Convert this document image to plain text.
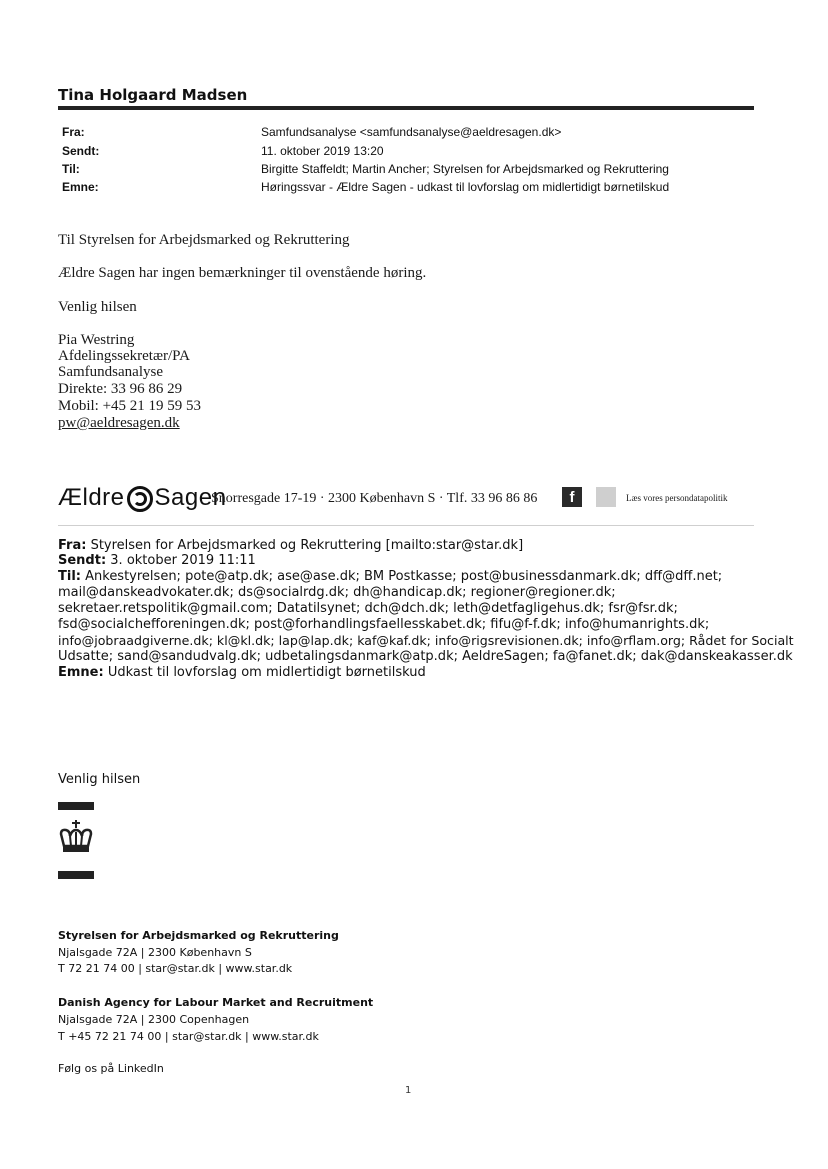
Tina Holgaard Madsen
Fra:	Samfundsanalyse <samfundsanalyse@aeldresagen.dk>
Sendt:	11. oktober 2019 13:20
Til:	Birgitte Staffeldt; Martin Ancher; Styrelsen for Arbejdsmarked og Rekruttering
Emne:	Høringssvar - Ældre Sagen - udkast til lovforslag om midlertidigt børnetilskud
Til Styrelsen for Arbejdsmarked og Rekruttering
Ældre Sagen har ingen bemærkninger til ovenstående høring.
Venlig hilsen
Pia Westring
Afdelingssekretær/PA
Samfundsanalyse
Direkte: 33 96 86 29
Mobil: +45 21 19 59 53
pw@aeldresagen.dk
Ældre Sagen
Snorresgade 17-19 · 2300 København S · Tlf. 33 96 86 86	f	Læs vores persondatapolitik
Fra: Styrelsen for Arbejdsmarked og Rekruttering [mailto:star@star.dk]
Sendt: 3. oktober 2019 11:11
Til: Ankestyrelsen; pote@atp.dk; ase@ase.dk; BM Postkasse; post@businessdanmark.dk; dff@dff.net;
mail@danskeadvokater.dk; ds@socialrdg.dk; dh@handicap.dk; regioner@regioner.dk;
sekretaer.retspolitik@gmail.com; Datatilsynet; dch@dch.dk; leth@detfagligehus.dk; fsr@fsr.dk;
fsd@socialchefforeningen.dk; post@forhandlingsfaellesskabet.dk; fifu@f-f.dk; info@humanrights.dk;
info@jobraadgiverne.dk; kl@kl.dk; lap@lap.dk; kaf@kaf.dk; info@rigsrevisionen.dk; info@rflam.org; Rådet for Socialt
Udsatte; sand@sandudvalg.dk; udbetalingsdanmark@atp.dk; AeldreSagen; fa@fanet.dk; dak@danskeakasser.dk
Emne: Udkast til lovforslag om midlertidigt børnetilskud
Venlig hilsen
Styrelsen for Arbejdsmarked og Rekruttering
Njalsgade 72A | 2300 København S
T 72 21 74 00 | star@star.dk | www.star.dk
Danish Agency for Labour Market and Recruitment
Njalsgade 72A | 2300 Copenhagen
T +45 72 21 74 00 | star@star.dk | www.star.dk
Følg os på LinkedIn
1
